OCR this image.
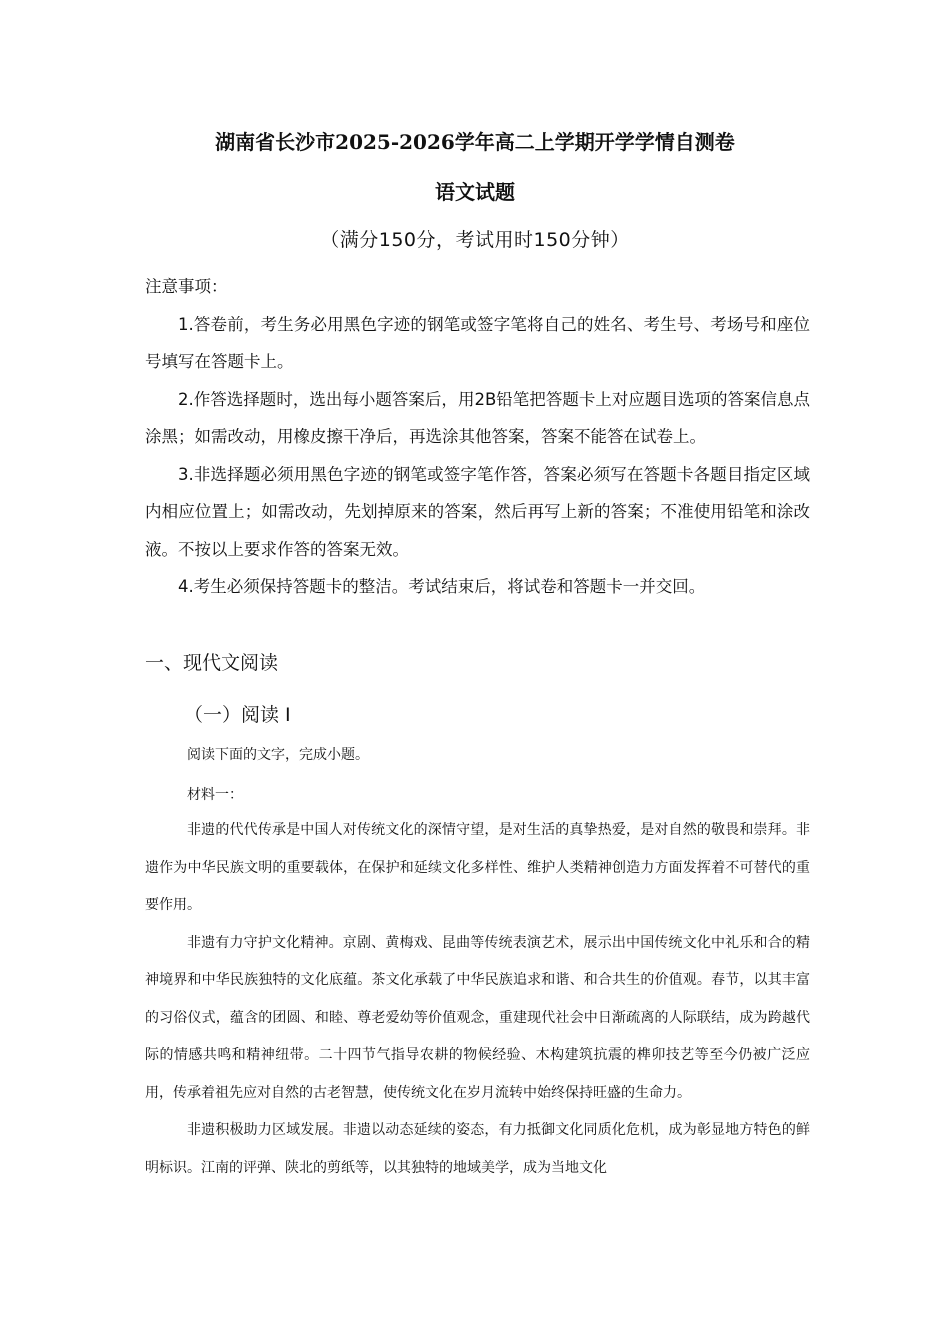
湖南省长沙市2025-2026学年高二上学期开学学情自测卷
语文试题
（满分150分，考试用时150分钟）

注意事项：

1.答卷前，考生务必用黑色字迹的钢笔或签字笔将自己的姓名、考生号、考场号和座位号填写在答题卡上。

2.作答选择题时，选出每小题答案后，用2B铅笔把答题卡上对应题目选项的答案信息点涂黑；如需改动，用橡皮擦干净后，再选涂其他答案，答案不能答在试卷上。

3.非选择题必须用黑色字迹的钢笔或签字笔作答，答案必须写在答题卡各题目指定区域内相应位置上；如需改动，先划掉原来的答案，然后再写上新的答案；不准使用铅笔和涂改液。不按以上要求作答的答案无效。

4.考生必须保持答题卡的整洁。考试结束后，将试卷和答题卡一并交回。

一、现代文阅读
（一）阅读 I
阅读下面的文字，完成小题。
材料一：

非遗的代代传承是中国人对传统文化的深情守望，是对生活的真挚热爱，是对自然的敬畏和崇拜。非遗作为中华民族文明的重要载体，在保护和延续文化多样性、维护人类精神创造力方面发挥着不可替代的重要作用。

非遗有力守护文化精神。京剧、黄梅戏、昆曲等传统表演艺术，展示出中国传统文化中礼乐和合的精神境界和中华民族独特的文化底蕴。茶文化承载了中华民族追求和谐、和合共生的价值观。春节，以其丰富的习俗仪式，蕴含的团圆、和睦、尊老爱幼等价值观念，重建现代社会中日渐疏离的人际联结，成为跨越代际的情感共鸣和精神纽带。二十四节气指导农耕的物候经验、木构建筑抗震的榫卯技艺等至今仍被广泛应用，传承着祖先应对自然的古老智慧，使传统文化在岁月流转中始终保持旺盛的生命力。

非遗积极助力区域发展。非遗以动态延续的姿态，有力抵御文化同质化危机，成为彰显地方特色的鲜明标识。江南的评弹、陕北的剪纸等，以其独特的地域美学，成为当地文化
